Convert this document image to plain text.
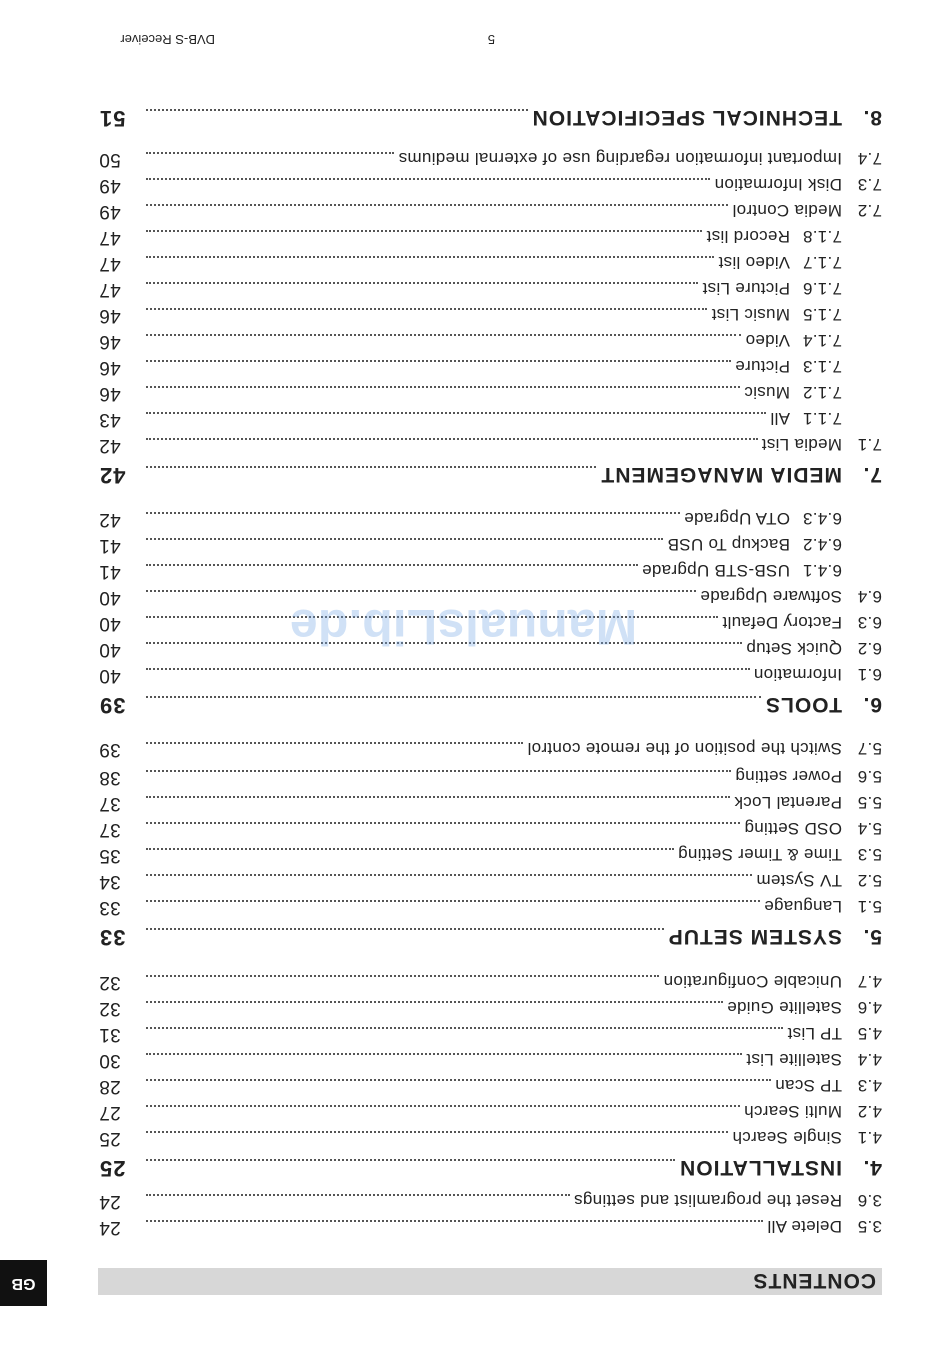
GB	CONTENTS
3.5
Delete All
24
3.6
Reset the programlist and settings
24
4.
INSTALLATION
25
4.1
Single Search
25
4.2
Multi Search
27
4.3
TP Scan
28
4.4
Satellite List
30
4.5
TP List
31
4.6
Satellite Guide
32
4.7
Unicable Configuration
32
5.
SYSTEM SETUP
33
5.1
Language
33
5.2
TV System
34
5.3
Time & Timer Setting
35
5.4
OSD Setting
37
5.5
Parental Lock
37
5.6
Power setting
38
5.7
Switch the position of the remote control
39
6.
TOOLS
39
6.1
Information
40
6.2
Quick Setup
40
6.3
Factory Default
40
6.4
Software Upgrade
40
6.4.1
USB-STB Upgrade
41
6.4.2
Backup To USB
41
6.4.3
OTA Upgrade
42
7.
MEDIA MANAGEMENT
42
7.1
Media List
42
7.1.1
All
43
7.1.2
Music
46
7.1.3
Picture
46
7.1.4
Video
46
7.1.5
Music List
46
7.1.6
Picture List
47
7.1.7
Video list
47
7.1.8
Record list
47
7.2
Media Control
49
7.3
Disk Information
49
7.4
Important information regarding use of external mediums
50
8.
TECHNICAL SPECIFICATION
51
DVB-S Receiver	5
ManualsLib.de
